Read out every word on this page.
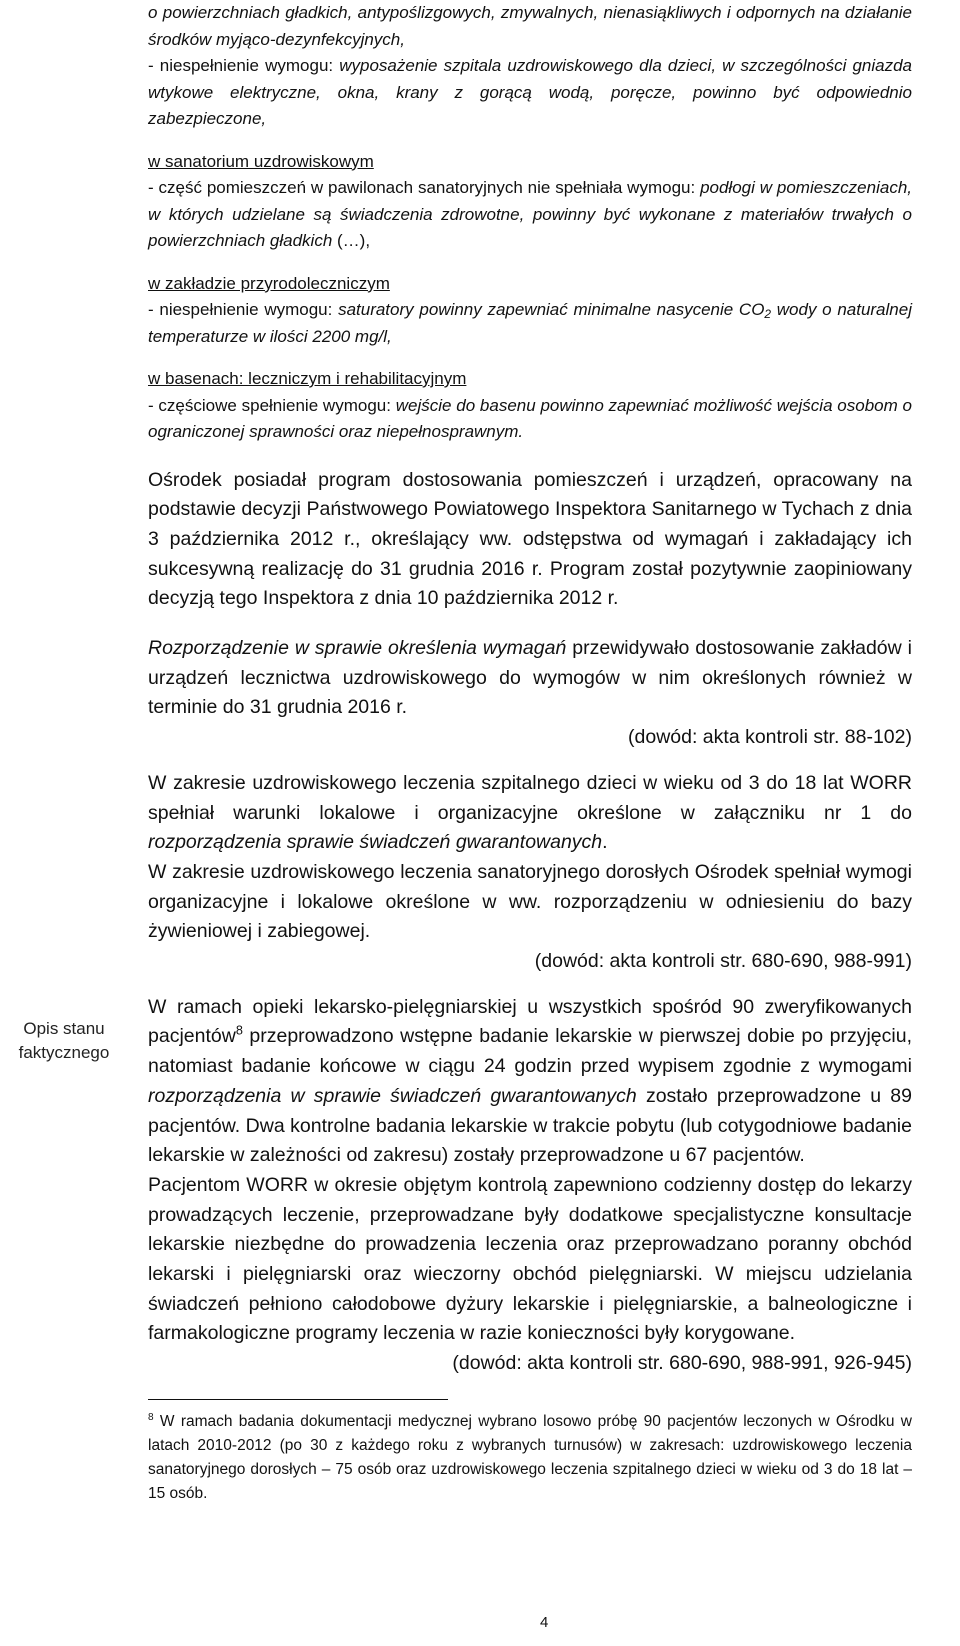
Opis stanu
faktycznego

o powierzchniach gładkich, antypoślizgowych, zmywalnych, nienasiąkliwych i odpornych na działanie środków myjąco-dezynfekcyjnych,

- niespełnienie wymogu: wyposażenie szpitala uzdrowiskowego dla dzieci, w szczególności gniazda wtykowe elektryczne, okna, krany z gorącą wodą, poręcze, powinno być odpowiednio zabezpieczone,

w sanatorium uzdrowiskowym

- część pomieszczeń w pawilonach sanatoryjnych nie spełniała wymogu: podłogi w pomieszczeniach, w których udzielane są świadczenia zdrowotne, powinny być wykonane z materiałów trwałych o powierzchniach gładkich (…),

w zakładzie przyrodoleczniczym

- niespełnienie wymogu: saturatory powinny zapewniać minimalne nasycenie $CO_2$ wody o naturalnej temperaturze w ilości 2200 mg/l,

w basenach: leczniczym i rehabilitacyjnym

- częściowe spełnienie wymogu: wejście do basenu powinno zapewniać możliwość wejścia osobom o ograniczonej sprawności oraz niepełnosprawnym.

Ośrodek posiadał program dostosowania pomieszczeń i urządzeń, opracowany na podstawie decyzji Państwowego Powiatowego Inspektora Sanitarnego w Tychach z dnia 3 października 2012 r., określający ww. odstępstwa od wymagań i zakładający ich sukcesywną realizację do 31 grudnia 2016 r. Program został pozytywnie zaopiniowany decyzją tego Inspektora z dnia 10 października 2012 r.

Rozporządzenie w sprawie określenia wymagań przewidywało dostosowanie zakładów i urządzeń lecznictwa uzdrowiskowego do wymogów w nim określonych również w terminie do 31 grudnia 2016 r.

(dowód: akta kontroli str. 88-102)

W zakresie uzdrowiskowego leczenia szpitalnego dzieci w wieku od 3 do 18 lat WORR spełniał warunki lokalowe i organizacyjne określone w załączniku nr 1 do rozporządzenia sprawie świadczeń gwarantowanych.

W zakresie uzdrowiskowego leczenia sanatoryjnego dorosłych Ośrodek spełniał wymogi organizacyjne i lokalowe określone w ww. rozporządzeniu w odniesieniu do bazy żywieniowej i zabiegowej.

(dowód: akta kontroli str. 680-690, 988-991)

W ramach opieki lekarsko-pielęgniarskiej u wszystkich spośród 90 zweryfikowanych pacjentów$^8$ przeprowadzono wstępne badanie lekarskie w pierwszej dobie po przyjęciu, natomiast badanie końcowe w ciągu 24 godzin przed wypisem zgodnie z wymogami rozporządzenia w sprawie świadczeń gwarantowanych zostało przeprowadzone u 89 pacjentów. Dwa kontrolne badania lekarskie w trakcie pobytu (lub cotygodniowe badanie lekarskie w zależności od zakresu) zostały przeprowadzone u 67 pacjentów.

Pacjentom WORR w okresie objętym kontrolą zapewniono codzienny dostęp do lekarzy prowadzących leczenie, przeprowadzane były dodatkowe specjalistyczne konsultacje lekarskie niezbędne do prowadzenia leczenia oraz przeprowadzano poranny obchód lekarski i pielęgniarski oraz wieczorny obchód pielęgniarski. W miejscu udzielania świadczeń pełniono całodobowe dyżury lekarskie i pielęgniarskie, a balneologiczne i farmakologiczne programy leczenia w razie konieczności były korygowane.

(dowód: akta kontroli str. 680-690, 988-991, 926-945)

$^8$ W ramach badania dokumentacji medycznej wybrano losowo próbę 90 pacjentów leczonych w Ośrodku w latach 2010-2012 (po 30 z każdego roku z wybranych turnusów) w zakresach: uzdrowiskowego leczenia sanatoryjnego dorosłych – 75 osób oraz uzdrowiskowego leczenia szpitalnego dzieci w wieku od 3 do 18 lat – 15 osób.

4
